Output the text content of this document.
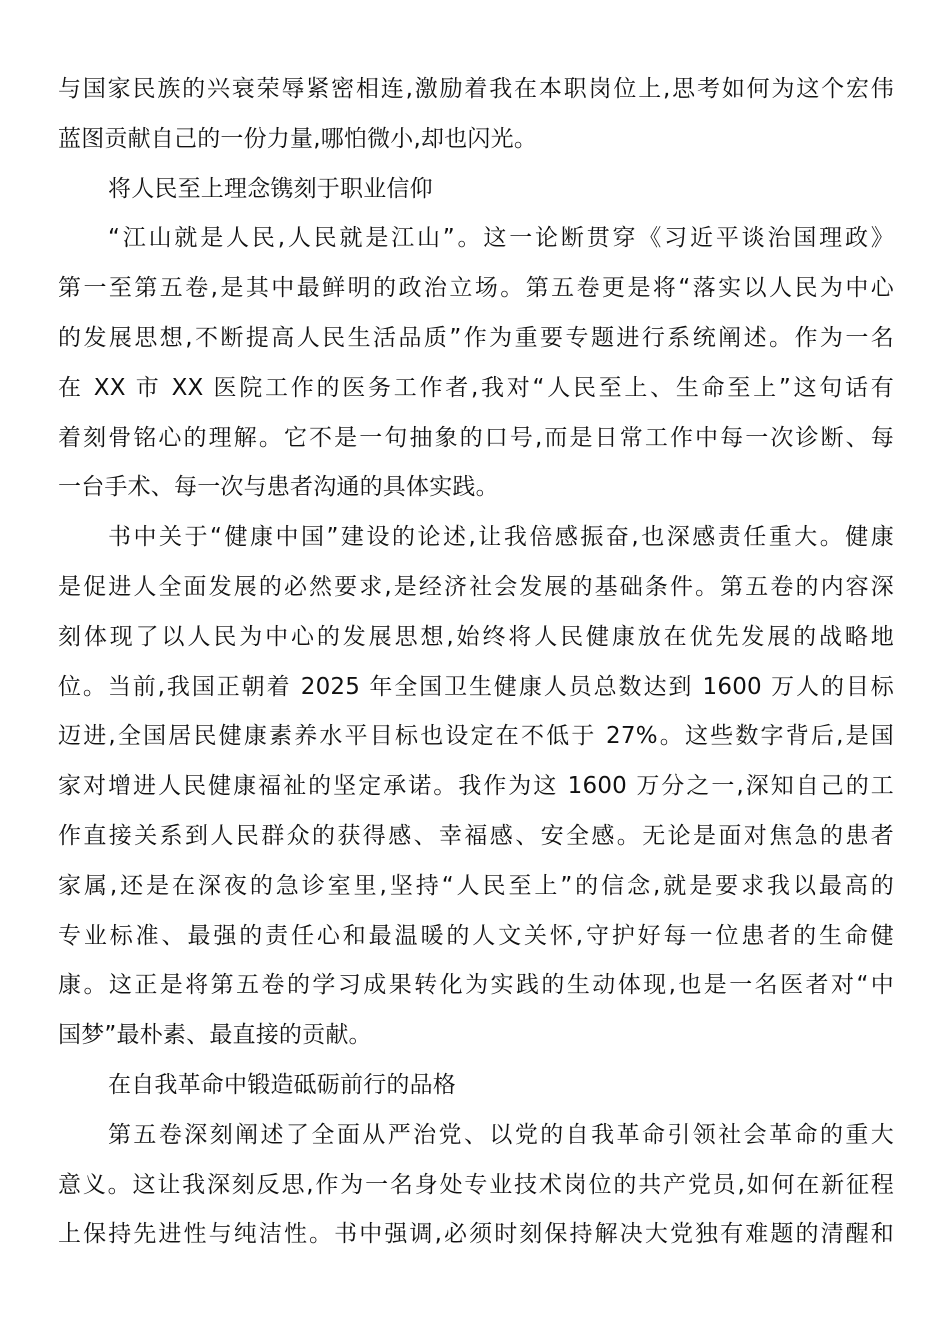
与国家民族的兴衰荣辱紧密相连,激励着我在本职岗位上,思考如何为这个宏伟
蓝图贡献自己的一份力量,哪怕微小,却也闪光。
将人民至上理念镌刻于职业信仰
“江山就是人民,人民就是江山”。这一论断贯穿《习近平谈治国理政》
第一至第五卷,是其中最鲜明的政治立场。第五卷更是将“落实以人民为中心
的发展思想,不断提高人民生活品质”作为重要专题进行系统阐述。作为一名
在 XX 市 XX 医院工作的医务工作者,我对“人民至上、生命至上”这句话有
着刻骨铭心的理解。它不是一句抽象的口号,而是日常工作中每一次诊断、每
一台手术、每一次与患者沟通的具体实践。
书中关于“健康中国”建设的论述,让我倍感振奋,也深感责任重大。健康
是促进人全面发展的必然要求,是经济社会发展的基础条件。第五卷的内容深
刻体现了以人民为中心的发展思想,始终将人民健康放在优先发展的战略地
位。当前,我国正朝着 2025 年全国卫生健康人员总数达到 1600 万人的目标
迈进,全国居民健康素养水平目标也设定在不低于 27%。这些数字背后,是国
家对增进人民健康福祉的坚定承诺。我作为这 1600 万分之一,深知自己的工
作直接关系到人民群众的获得感、幸福感、安全感。无论是面对焦急的患者
家属,还是在深夜的急诊室里,坚持“人民至上”的信念,就是要求我以最高的
专业标准、最强的责任心和最温暖的人文关怀,守护好每一位患者的生命健
康。这正是将第五卷的学习成果转化为实践的生动体现,也是一名医者对“中
国梦”最朴素、最直接的贡献。
在自我革命中锻造砥砺前行的品格
第五卷深刻阐述了全面从严治党、以党的自我革命引领社会革命的重大
意义。这让我深刻反思,作为一名身处专业技术岗位的共产党员,如何在新征程
上保持先进性与纯洁性。书中强调,必须时刻保持解决大党独有难题的清醒和
